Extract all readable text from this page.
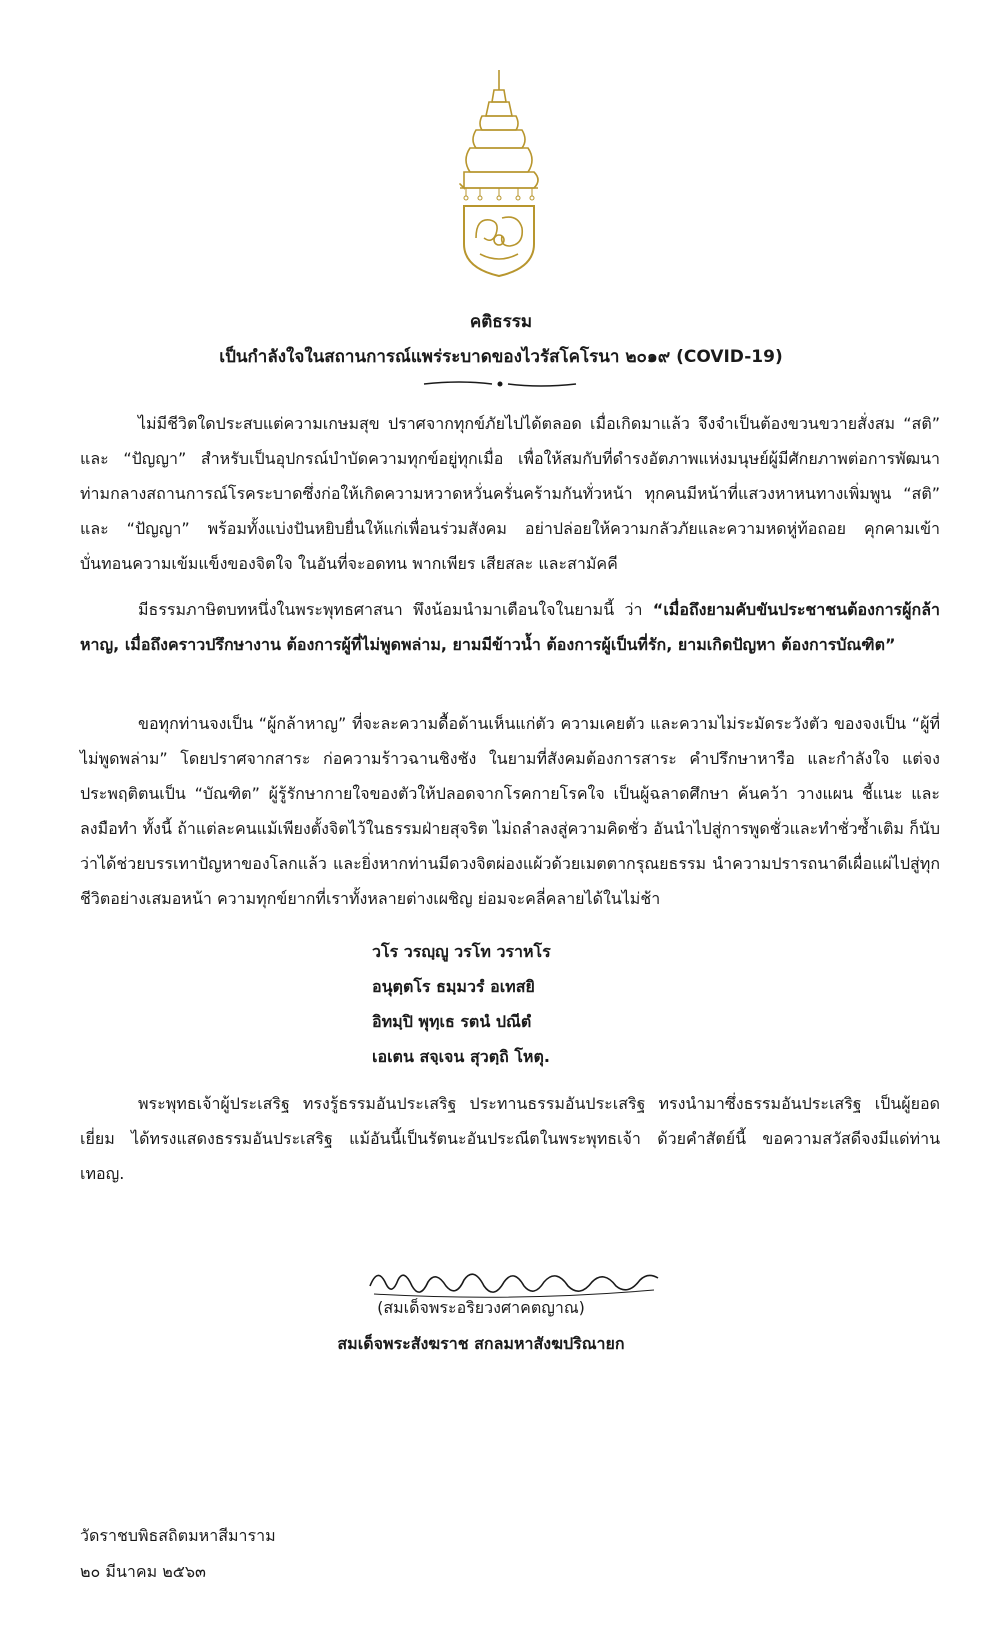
คติธรรม
เป็นกำลังใจในสถานการณ์แพร่ระบาดของไวรัสโคโรนา ๒๐๑๙ (COVID-19)

ไม่มีชีวิตใดประสบแต่ความเกษมสุข ปราศจากทุกข์ภัยไปได้ตลอด เมื่อเกิดมาแล้ว จึงจำเป็นต้องขวนขวายสั่งสม “สติ” และ “ปัญญา” สำหรับเป็นอุปกรณ์บำบัดความทุกข์อยู่ทุกเมื่อ เพื่อให้สมกับที่ดำรงอัตภาพแห่งมนุษย์ผู้มีศักยภาพต่อการพัฒนา ท่ามกลางสถานการณ์โรคระบาดซึ่งก่อให้เกิดความหวาดหวั่นครั่นคร้ามกันทั่วหน้า ทุกคนมีหน้าที่แสวงหาหนทางเพิ่มพูน “สติ” และ “ปัญญา” พร้อมทั้งแบ่งปันหยิบยื่นให้แก่เพื่อนร่วมสังคม อย่าปล่อยให้ความกลัวภัยและความหดหู่ท้อถอย คุกคามเข้าบั่นทอนความเข้มแข็งของจิตใจ ในอันที่จะอดทน พากเพียร เสียสละ และสามัคคี

มีธรรมภาษิตบทหนึ่งในพระพุทธศาสนา พึงน้อมนำมาเตือนใจในยามนี้ ว่า “เมื่อถึงยามคับขันประชาชนต้องการผู้กล้าหาญ, เมื่อถึงคราวปรึกษางาน ต้องการผู้ที่ไม่พูดพล่าม, ยามมีข้าวน้ำ ต้องการผู้เป็นที่รัก, ยามเกิดปัญหา ต้องการบัณฑิต”

ขอทุกท่านจงเป็น “ผู้กล้าหาญ” ที่จะละความดื้อด้านเห็นแก่ตัว ความเคยตัว และความไม่ระมัดระวังตัว ของจงเป็น “ผู้ที่ไม่พูดพล่าม” โดยปราศจากสาระ ก่อความร้าวฉานชิงชัง ในยามที่สังคมต้องการสาระ คำปรึกษาหารือ และกำลังใจ แต่จงประพฤติตนเป็น “บัณฑิต” ผู้รู้รักษากายใจของตัวให้ปลอดจากโรคกายโรคใจ เป็นผู้ฉลาดศึกษา ค้นคว้า วางแผน ชี้แนะ และลงมือทำ ทั้งนี้ ถ้าแต่ละคนแม้เพียงตั้งจิตไว้ในธรรมฝ่ายสุจริต ไม่ถลำลงสู่ความคิดชั่ว อันนำไปสู่การพูดชั่วและทำชั่วซ้ำเติม ก็นับว่าได้ช่วยบรรเทาปัญหาของโลกแล้ว และยิ่งหากท่านมีดวงจิตผ่องแผ้วด้วยเมตตากรุณยธรรม นำความปรารถนาดีเผื่อแผ่ไปสู่ทุกชีวิตอย่างเสมอหน้า ความทุกข์ยากที่เราทั้งหลายต่างเผชิญ ย่อมจะคลี่คลายได้ในไม่ช้า

วโร วรญฺญู วรโท วราหโร
อนุตฺตโร ธมฺมวรํ อเทสยิ
อิทมฺปิ พุทฺเธ รตนํ ปณีตํ
เอเตน สจฺเจน สุวตฺถิ โหตุ.

พระพุทธเจ้าผู้ประเสริฐ ทรงรู้ธรรมอันประเสริฐ ประทานธรรมอันประเสริฐ ทรงนำมาซึ่งธรรมอันประเสริฐ เป็นผู้ยอดเยี่ยม ได้ทรงแสดงธรรมอันประเสริฐ แม้อันนี้เป็นรัตนะอันประณีตในพระพุทธเจ้า ด้วยคำสัตย์นี้ ขอความสวัสดีจงมีแด่ท่าน เทอญ.

(สมเด็จพระอริยวงศาคตญาณ)
สมเด็จพระสังฆราช สกลมหาสังฆปริณายก
วัดราชบพิธสถิตมหาสีมาราม
๒๐ มีนาคม ๒๕๖๓
